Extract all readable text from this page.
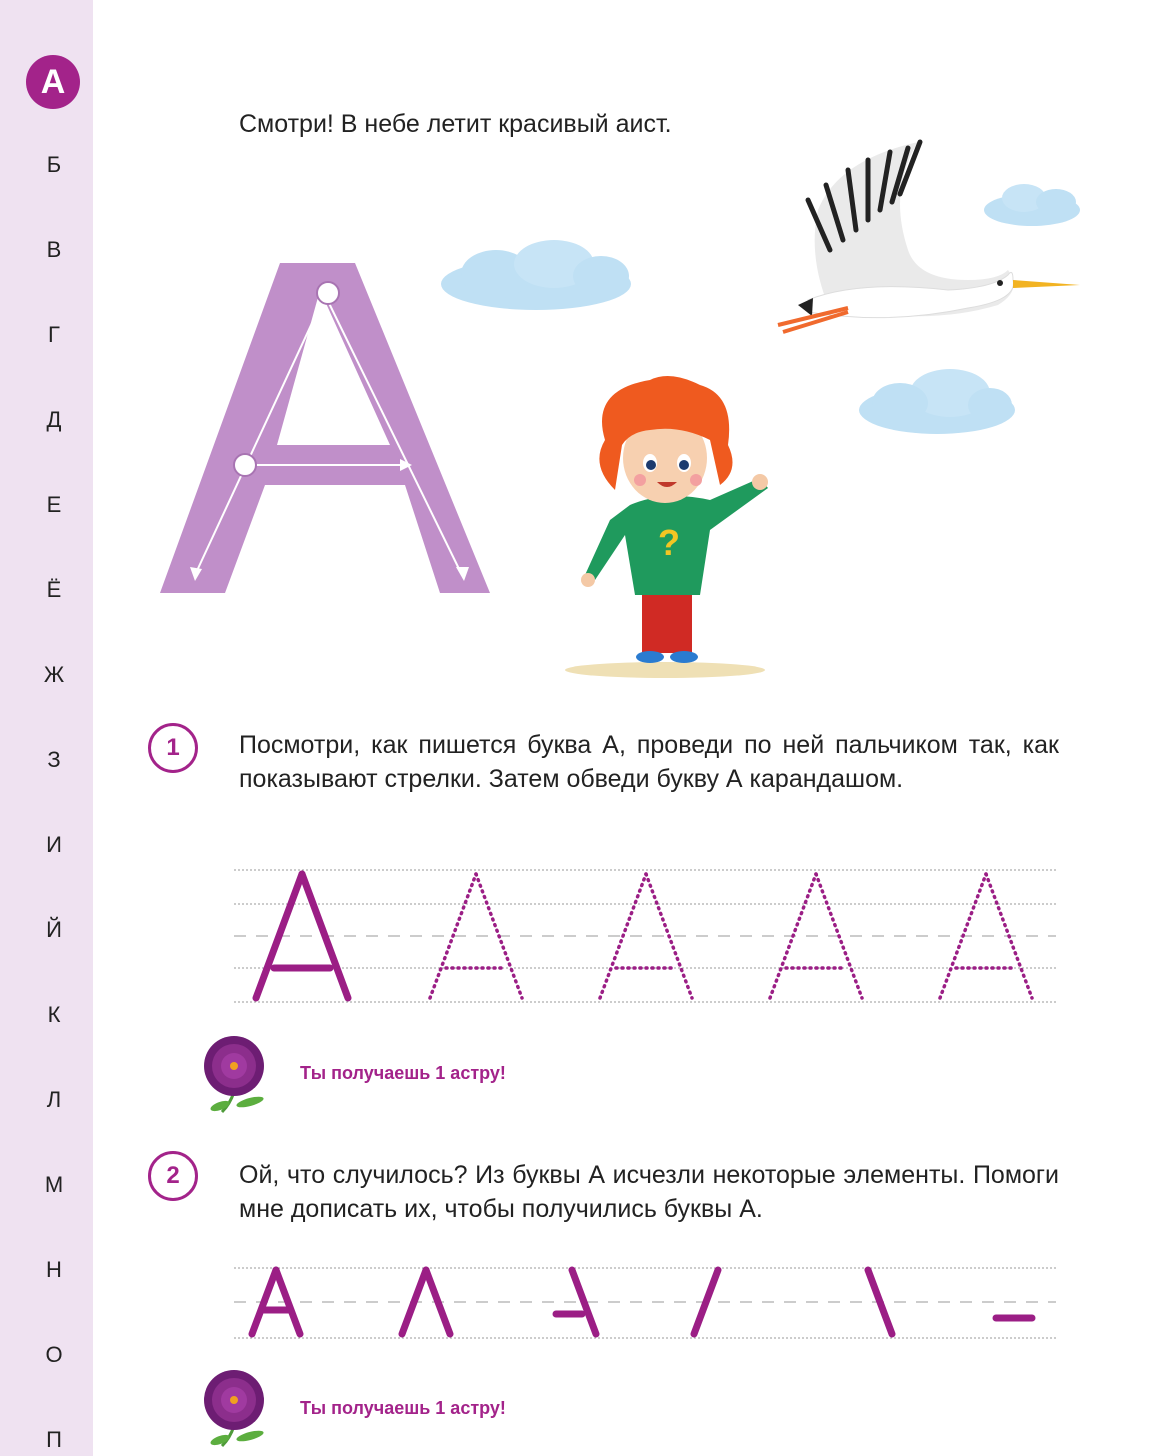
А
Б
В
Г
Д
Е
Ё
Ж
З
И
Й
К
Л
М
Н
О
П
Смотри! В небе летит красивый аист.
?
1	Посмотри, как пишется буква А, проведи по ней пальчиком так, как показывают стрелки. Затем обведи букву А карандашом.
Ты получаешь 1 астру!
2	Ой, что случилось? Из буквы А исчезли некоторые элементы. Помоги мне дописать их, чтобы получились буквы А.
Ты получаешь 1 астру!
